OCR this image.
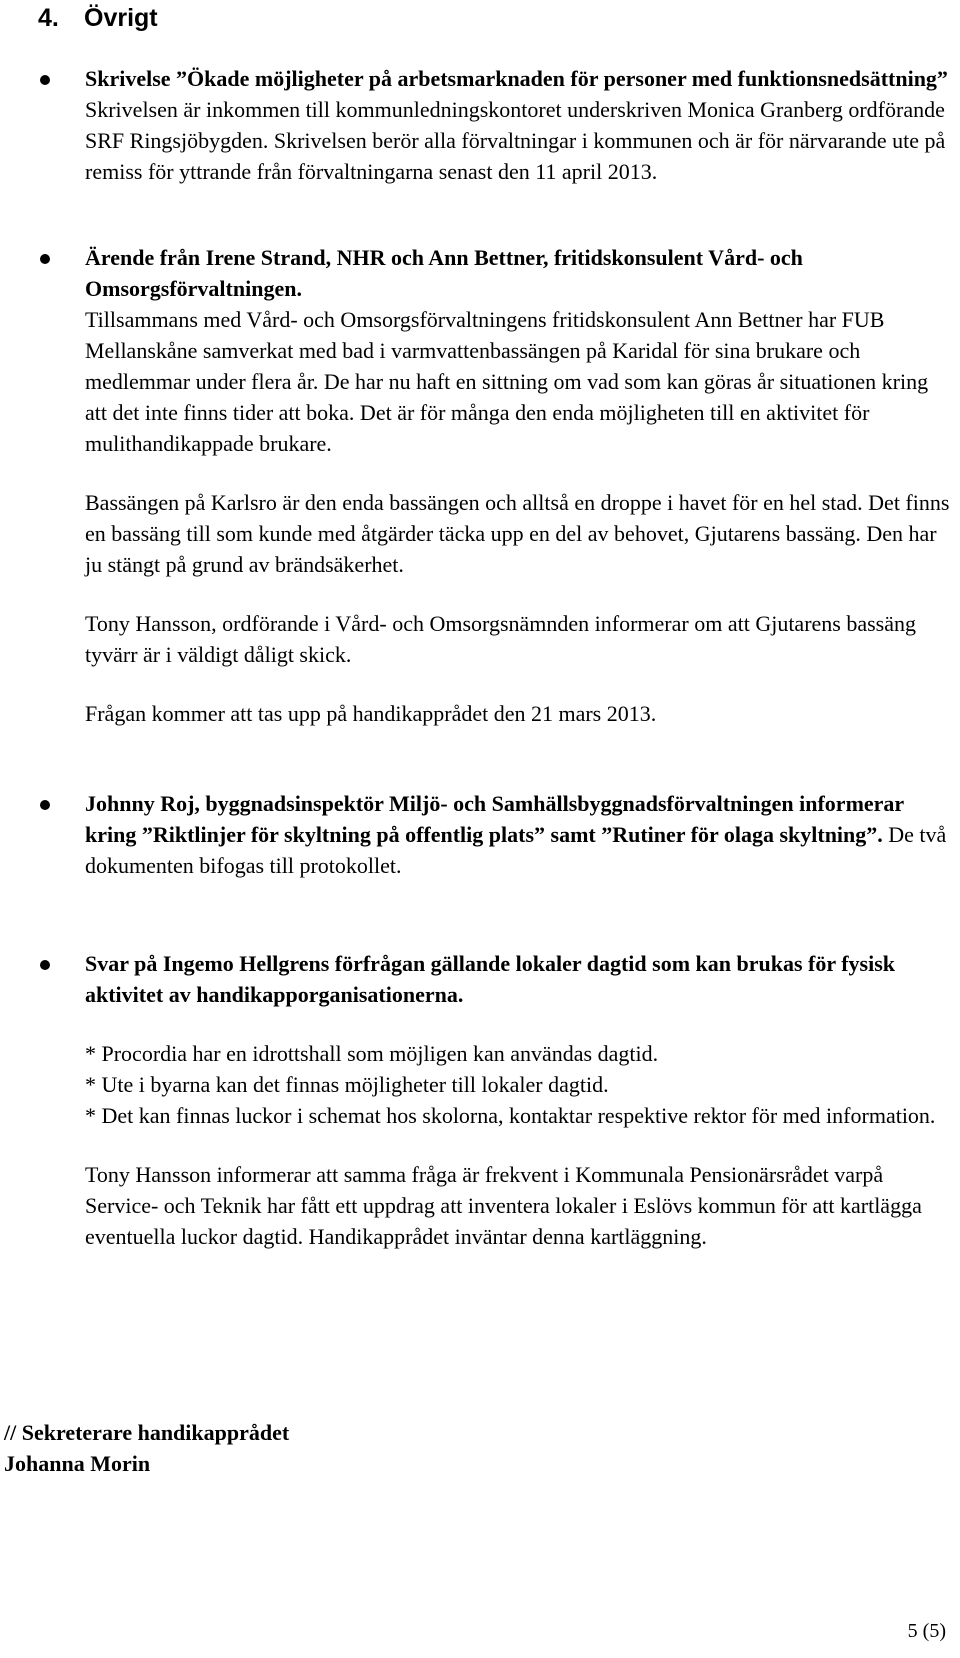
4. Övrigt

Skrivelse ”Ökade möjligheter på arbetsmarknaden för personer med funktionsnedsättning” Skrivelsen är inkommen till kommunledningskontoret underskriven Monica Granberg ordförande SRF Ringsjöbygden. Skrivelsen berör alla förvaltningar i kommunen och är för närvarande ute på remiss för yttrande från förvaltningarna senast den 11 april 2013.

Ärende från Irene Strand, NHR och Ann Bettner, fritidskonsulent Vård- och Omsorgsförvaltningen.

Tillsammans med Vård- och Omsorgsförvaltningens fritidskonsulent Ann Bettner har FUB Mellanskåne samverkat med bad i varmvattenbassängen på Karidal för sina brukare och medlemmar under flera år. De har nu haft en sittning om vad som kan göras år situationen kring att det inte finns tider att boka. Det är för många den enda möjligheten till en aktivitet för mulithandikappade brukare.

Bassängen på Karlsro är den enda bassängen och alltså en droppe i havet för en hel stad. Det finns en bassäng till som kunde med åtgärder täcka upp en del av behovet, Gjutarens bassäng. Den har ju stängt på grund av brändsäkerhet.

Tony Hansson, ordförande i Vård- och Omsorgsnämnden informerar om att Gjutarens bassäng tyvärr är i väldigt dåligt skick.

Frågan kommer att tas upp på handikapprådet den 21 mars 2013.

Johnny Roj, byggnadsinspektör Miljö- och Samhällsbyggnadsförvaltningen informerar kring ”Riktlinjer för skyltning på offentlig plats” samt ”Rutiner för olaga skyltning”. De två dokumenten bifogas till protokollet.

Svar på Ingemo Hellgrens förfrågan gällande lokaler dagtid som kan brukas för fysisk aktivitet av handikapporganisationerna.

* Procordia har en idrottshall som möjligen kan användas dagtid.

* Ute i byarna kan det finnas möjligheter till lokaler dagtid.

* Det kan finnas luckor i schemat hos skolorna, kontaktar respektive rektor för med information.

Tony Hansson informerar att samma fråga är frekvent i Kommunala Pensionärsrådet varpå Service- och Teknik har fått ett uppdrag att inventera lokaler i Eslövs kommun för att kartlägga eventuella luckor dagtid. Handikapprådet inväntar denna kartläggning.

// Sekreterare handikapprådet
Johanna Morin
5 (5)
